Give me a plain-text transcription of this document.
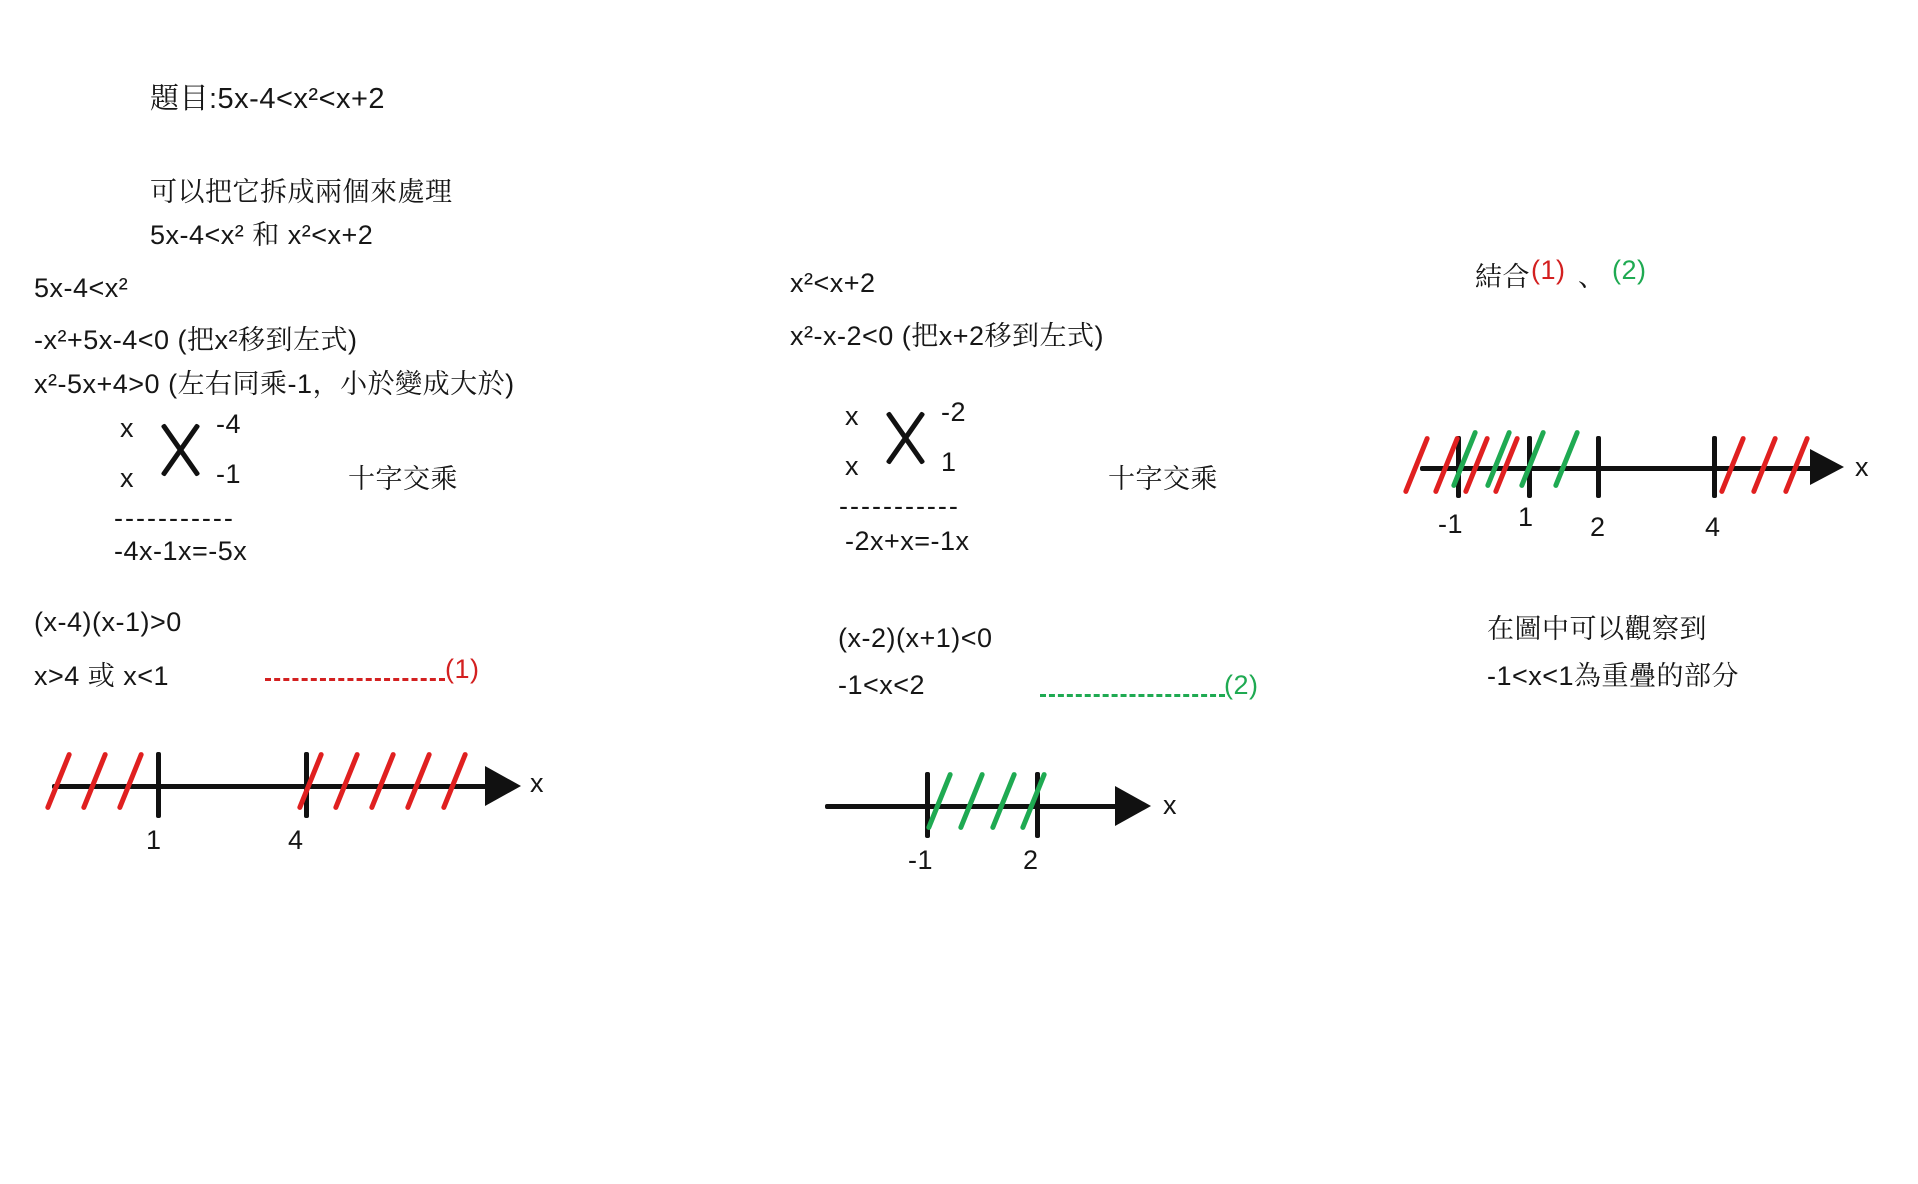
題目:5x-4<x²<x+2
可以把它拆成兩個來處理
5x-4<x² 和 x²<x+2
5x-4<x²
-x²+5x-4<0 (把x²移到左式)
x²-5x+4>0 (左右同乘-1，小於變成大於)
x	-4
x	-1
-----------
-4x-1x=-5x
十字交乘
(x-4)(x-1)>0
x>4 或 x<1	(1)
x
1	4
x²<x+2
x²-x-2<0 (把x+2移到左式)
x	-2
x	1
-----------
-2x+x=-1x
十字交乘
(x-2)(x+1)<0
-1<x<2	(2)
x
-1	2
結合 (1) 、 (2)
x
-1 1 2	4
在圖中可以觀察到
-1<x<1為重疊的部分
